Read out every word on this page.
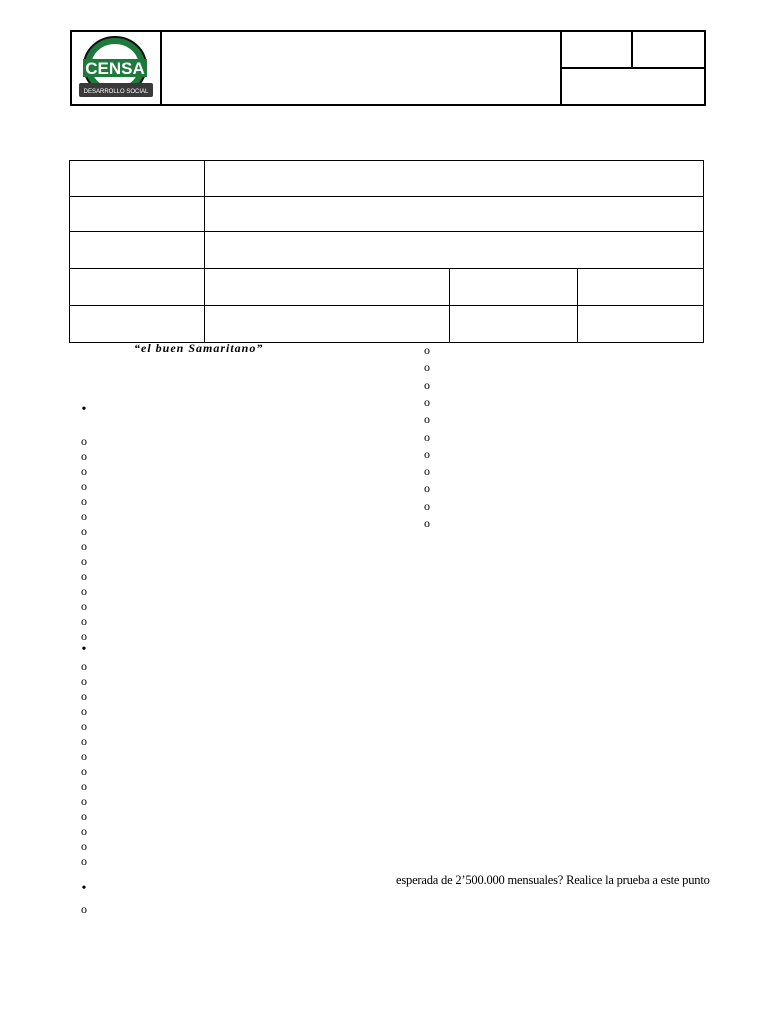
CENSA
DESARROLLO SOCIAL
“el buen Samaritano”
•
o
o
o
o
o
o
o
o
o
o
o
o
o
o
•
o
o
o
o
o
o
o
o
o
o
o
o
o
o
•
o
o
o
o
o
o
o
o
o
o
o
o
esperada de 2’500.000 mensuales? Realice la prueba a este punto
